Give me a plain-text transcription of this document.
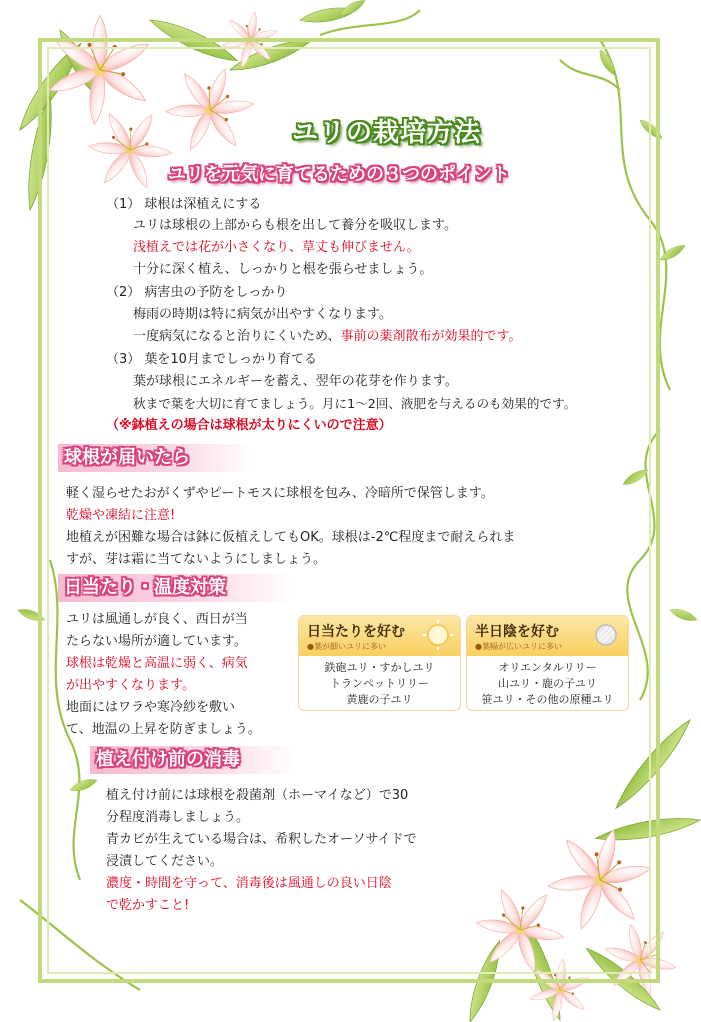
ユリの栽培方法
ユリを元気に育てるための３つのポイント
（1） 球根は深植えにする
ユリは球根の上部からも根を出して養分を吸収します。
浅植えでは花が小さくなり、草丈も伸びません。
十分に深く植え、しっかりと根を張らせましょう。
（2） 病害虫の予防をしっかり
梅雨の時期は特に病気が出やすくなります。
一度病気になると治りにくいため、事前の薬剤散布が効果的です。
（3） 葉を10月までしっかり育てる
葉が球根にエネルギーを蓄え、翌年の花芽を作ります。
秋まで葉を大切に育てましょう。月に1～2回、液肥を与えるのも効果的です。
（※鉢植えの場合は球根が太りにくいので注意）
球根が届いたら
軽く湿らせたおがくずやピートモスに球根を包み、冷暗所で保管します。
乾燥や凍結に注意!
地植えが困難な場合は鉢に仮植えしてもOK。球根は-2℃程度まで耐えられま
すが、芽は霜に当てないようにしましょう。
日当たり・温度対策
ユリは風通しが良く、西日が当
たらない場所が適しています。
球根は乾燥と高温に弱く、病気
が出やすくなります。
地面にはワラや寒冷紗を敷い
て、地温の上昇を防ぎましょう。
日当たりを好む
●葉が細いユリに多い
鉄砲ユリ・すかしユリ
トランペットリリー
黄鹿の子ユリ
半日陰を好む
●葉幅が広いユリに多い
オリエンタルリリー
山ユリ・鹿の子ユリ
笹ユリ・その他の原種ユリ
植え付け前の消毒
植え付け前には球根を殺菌剤（ホーマイなど）で30
分程度消毒しましょう。
青カビが生えている場合は、希釈したオーソサイドで
浸漬してください。
濃度・時間を守って、消毒後は風通しの良い日陰
で乾かすこと!
